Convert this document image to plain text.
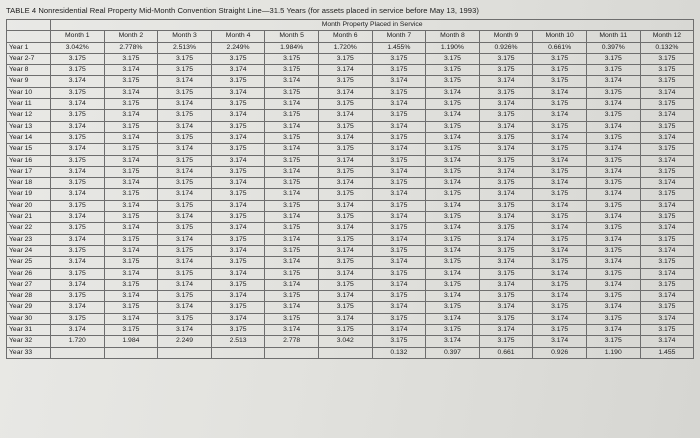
TABLE 4 Nonresidential Real Property Mid-Month Convention Straight Line—31.5 Years (for assets placed in service before May 13, 1993)
	Month Property Placed in Service											
	Month 1	Month 2	Month 3	Month 4	Month 5	Month 6	Month 7	Month 8	Month 9	Month 10	Month 11	Month 12
Year 1	3.042%	2.778%	2.513%	2.249%	1.984%	1.720%	1.455%	1.190%	0.926%	0.661%	0.397%	0.132%
Year 2-7	3.175	3.175	3.175	3.175	3.175	3.175	3.175	3.175	3.175	3.175	3.175	3.175
Year 8	3.175	3.174	3.175	3.174	3.175	3.174	3.175	3.175	3.175	3.175	3.175	3.175
Year 9	3.174	3.175	3.174	3.175	3.174	3.175	3.174	3.175	3.174	3.175	3.174	3.175
Year 10	3.175	3.174	3.175	3.174	3.175	3.174	3.175	3.174	3.175	3.174	3.175	3.174
Year 11	3.174	3.175	3.174	3.175	3.174	3.175	3.174	3.175	3.174	3.175	3.174	3.175
Year 12	3.175	3.174	3.175	3.174	3.175	3.174	3.175	3.174	3.175	3.174	3.175	3.174
Year 13	3.174	3.175	3.174	3.175	3.174	3.175	3.174	3.175	3.174	3.175	3.174	3.175
Year 14	3.175	3.174	3.175	3.174	3.175	3.174	3.175	3.174	3.175	3.174	3.175	3.174
Year 15	3.174	3.175	3.174	3.175	3.174	3.175	3.174	3.175	3.174	3.175	3.174	3.175
Year 16	3.175	3.174	3.175	3.174	3.175	3.174	3.175	3.174	3.175	3.174	3.175	3.174
Year 17	3.174	3.175	3.174	3.175	3.174	3.175	3.174	3.175	3.174	3.175	3.174	3.175
Year 18	3.175	3.174	3.175	3.174	3.175	3.174	3.175	3.174	3.175	3.174	3.175	3.174
Year 19	3.174	3.175	3.174	3.175	3.174	3.175	3.174	3.175	3.174	3.175	3.174	3.175
Year 20	3.175	3.174	3.175	3.174	3.175	3.174	3.175	3.174	3.175	3.174	3.175	3.174
Year 21	3.174	3.175	3.174	3.175	3.174	3.175	3.174	3.175	3.174	3.175	3.174	3.175
Year 22	3.175	3.174	3.175	3.174	3.175	3.174	3.175	3.174	3.175	3.174	3.175	3.174
Year 23	3.174	3.175	3.174	3.175	3.174	3.175	3.174	3.175	3.174	3.175	3.174	3.175
Year 24	3.175	3.174	3.175	3.174	3.175	3.174	3.175	3.174	3.175	3.174	3.175	3.174
Year 25	3.174	3.175	3.174	3.175	3.174	3.175	3.174	3.175	3.174	3.175	3.174	3.175
Year 26	3.175	3.174	3.175	3.174	3.175	3.174	3.175	3.174	3.175	3.174	3.175	3.174
Year 27	3.174	3.175	3.174	3.175	3.174	3.175	3.174	3.175	3.174	3.175	3.174	3.175
Year 28	3.175	3.174	3.175	3.174	3.175	3.174	3.175	3.174	3.175	3.174	3.175	3.174
Year 29	3.174	3.175	3.174	3.175	3.174	3.175	3.174	3.175	3.174	3.175	3.174	3.175
Year 30	3.175	3.174	3.175	3.174	3.175	3.174	3.175	3.174	3.175	3.174	3.175	3.174
Year 31	3.174	3.175	3.174	3.175	3.174	3.175	3.174	3.175	3.174	3.175	3.174	3.175
Year 32	1.720	1.984	2.249	2.513	2.778	3.042	3.175	3.174	3.175	3.174	3.175	3.174
Year 33							0.132	0.397	0.661	0.926	1.190	1.455
